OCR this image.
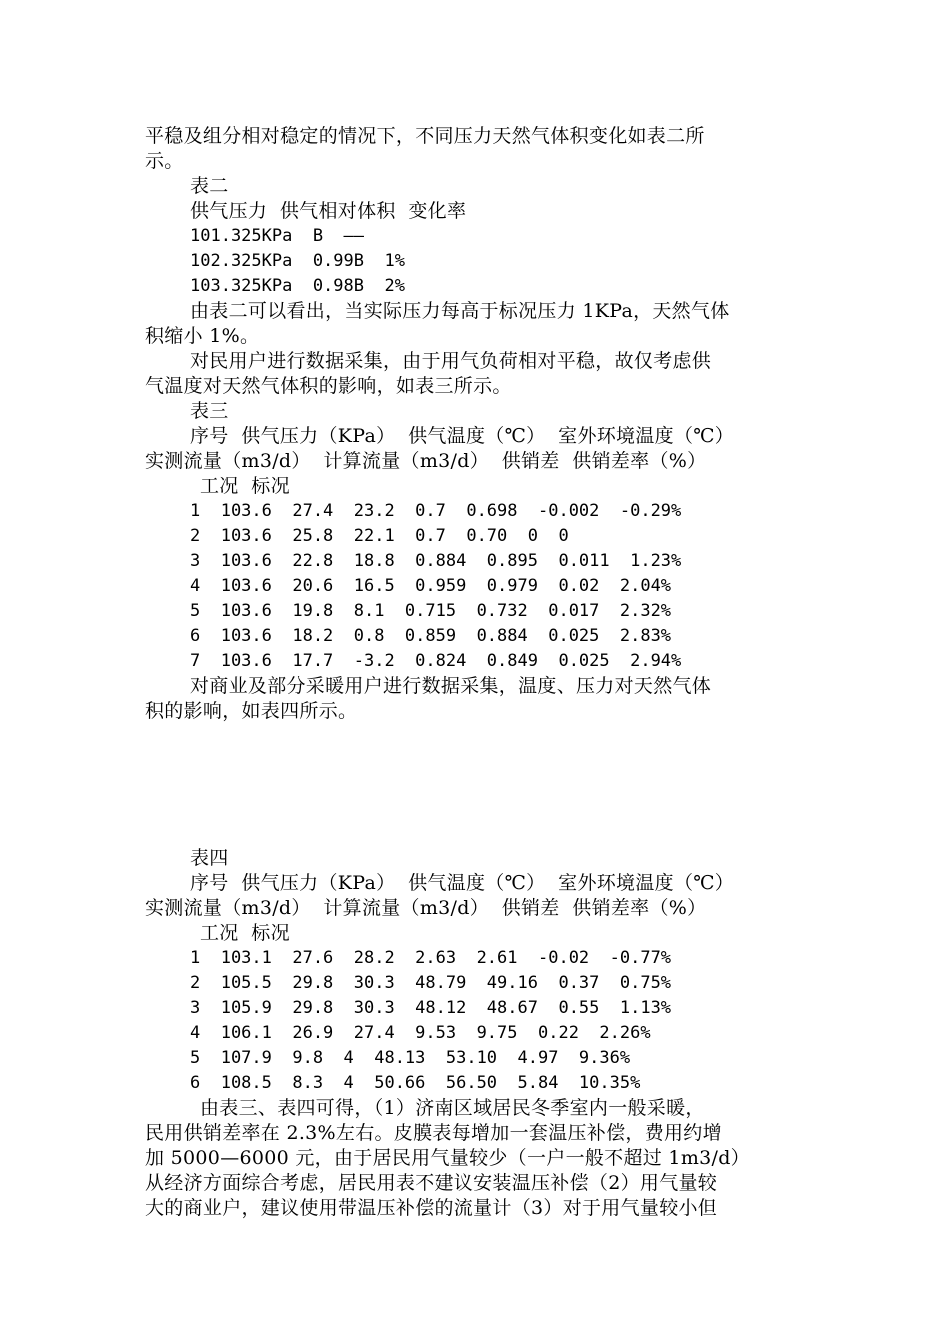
平稳及组分相对稳定的情况下，不同压力天然气体积变化如表二所
示。
表二
供气压力  供气相对体积  变化率
101.325KPa  B  ——
102.325KPa  0.99B  1%
103.325KPa  0.98B  2%
由表二可以看出，当实际压力每高于标况压力 1KPa，天然气体
积缩小 1%。
对民用户进行数据采集，由于用气负荷相对平稳，故仅考虑供
气温度对天然气体积的影响，如表三所示。
表三
序号  供气压力（KPa）  供气温度（℃）  室外环境温度（℃）
实测流量（m3/d）  计算流量（m3/d）  供销差  供销差率（%）
工况  标况
1  103.6  27.4  23.2  0.7  0.698  -0.002  -0.29%
2  103.6  25.8  22.1  0.7  0.70  0  0
3  103.6  22.8  18.8  0.884  0.895  0.011  1.23%
4  103.6  20.6  16.5  0.959  0.979  0.02  2.04%
5  103.6  19.8  8.1  0.715  0.732  0.017  2.32%
6  103.6  18.2  0.8  0.859  0.884  0.025  2.83%
7  103.6  17.7  -3.2  0.824  0.849  0.025  2.94%
对商业及部分采暖用户进行数据采集，温度、压力对天然气体
积的影响，如表四所示。
表四
序号  供气压力（KPa）  供气温度（℃）  室外环境温度（℃）
实测流量（m3/d）  计算流量（m3/d）  供销差  供销差率（%）
工况  标况
1  103.1  27.6  28.2  2.63  2.61  -0.02  -0.77%
2  105.5  29.8  30.3  48.79  49.16  0.37  0.75%
3  105.9  29.8  30.3  48.12  48.67  0.55  1.13%
4  106.1  26.9  27.4  9.53  9.75  0.22  2.26%
5  107.9  9.8  4  48.13  53.10  4.97  9.36%
6  108.5  8.3  4  50.66  56.50  5.84  10.35%
由表三、表四可得，（1）济南区域居民冬季室内一般采暖，
民用供销差率在 2.3%左右。皮膜表每增加一套温压补偿，费用约增
加 5000—6000 元，由于居民用气量较少（一户一般不超过 1m3/d）
从经济方面综合考虑，居民用表不建议安装温压补偿（2）用气量较
大的商业户，建议使用带温压补偿的流量计（3）对于用气量较小但
